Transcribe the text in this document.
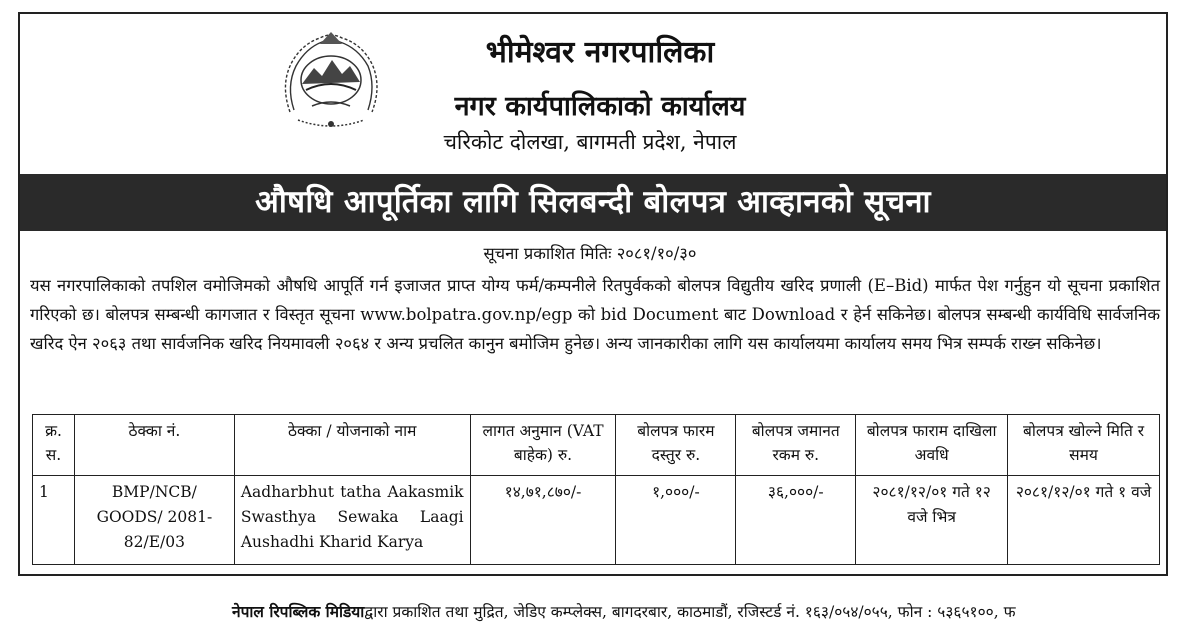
भीमेश्वर नगरपालिका
नगर कार्यपालिकाको कार्यालय
चरिकोट दोलखा, बागमती प्रदेश, नेपाल
औषधि आपूर्तिका लागि सिलबन्दी बोलपत्र आव्हानको सूचना
सूचना प्रकाशित मितिः २०८१/१०/३०
यस नगरपालिकाको तपशिल वमोजिमको औषधि आपूर्ति गर्न इजाजत प्राप्त योग्य फर्म/कम्पनीले रितपुर्वकको बोलपत्र विद्युतीय खरिद प्रणाली (E–Bid) मार्फत पेश गर्नुहुन यो सूचना प्रकाशित गरिएको छ। बोलपत्र सम्बन्धी कागजात र विस्तृत सूचना www.bolpatra.gov.np/egp को bid Document बाट Download र हेर्न सकिनेछ। बोलपत्र सम्बन्धी कार्यविधि सार्वजनिक खरिद ऐन २०६३ तथा सार्वजनिक खरिद नियमावली २०६४ र अन्य प्रचलित कानुन बमोजिम हुनेछ। अन्य जानकारीका लागि यस कार्यालयमा कार्यालय समय भित्र सम्पर्क राख्न सकिनेछ।
क्र. स.	ठेक्का नं.	ठेक्का / योजनाको नाम	लागत अनुमान (VAT बाहेक) रु.	बोलपत्र फारम दस्तुर रु.	बोलपत्र जमानत रकम रु.	बोलपत्र फाराम दाखिला अवधि	बोलपत्र खोल्ने मिति र समय
1	BMP/NCB/ GOODS/ 2081-82/E/03	Aadharbhut tatha Aakasmik Swasthya Sewaka Laagi Aushadhi Kharid Karya	१४,७१,८७०/-	१,०००/-	३६,०००/-	२०८१/१२/०१ गते १२ वजे भित्र	२०८१/१२/०१ गते १ वजे
नेपाल रिपब्लिक मिडियाद्वारा प्रकाशित तथा मुद्रित, जेडिए कम्प्लेक्स, बागदरबार, काठमाडौं, रजिस्टर्ड नं. १६३/०५४/०५५, फोन : ५३६५१००, फ
